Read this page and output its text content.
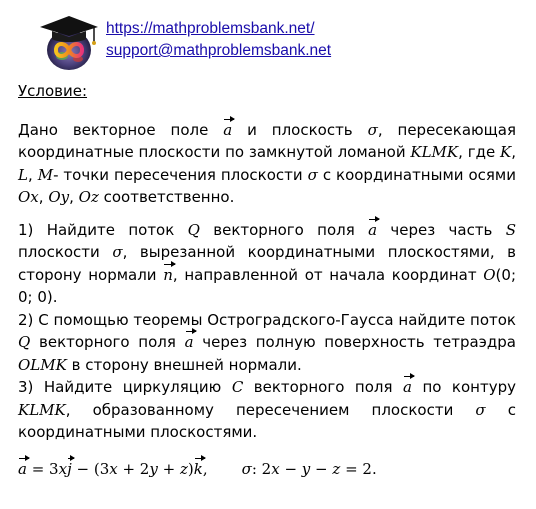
https://mathproblemsbank.net/
support@mathproblemsbank.net
Условие:
Дано векторное поле a и плоскость σ, пересекающая координатные плоскости по замкнутой ломаной KLMK, где K, L, M- точки пересечения плоскости σ с координатными осями Ox, Oy, Oz соответственно.
1) Найдите поток Q векторного поля a через часть S плоскости σ, вырезанной координатными плоскостями, в сторону нормали n, направленной от начала координат O(0; 0; 0).
2) С помощью теоремы Остроградского-Гаусса найдите поток Q векторного поля a через полную поверхность тетраэдра OLMK в сторону внешней нормали.
3) Найдите циркуляцию C векторного поля a по контуру KLMK, образованному пересечением плоскости σ с координатными плоскостями.
a = 3xj − (3x + 2y + z)k, σ: 2x − y − z = 2.
